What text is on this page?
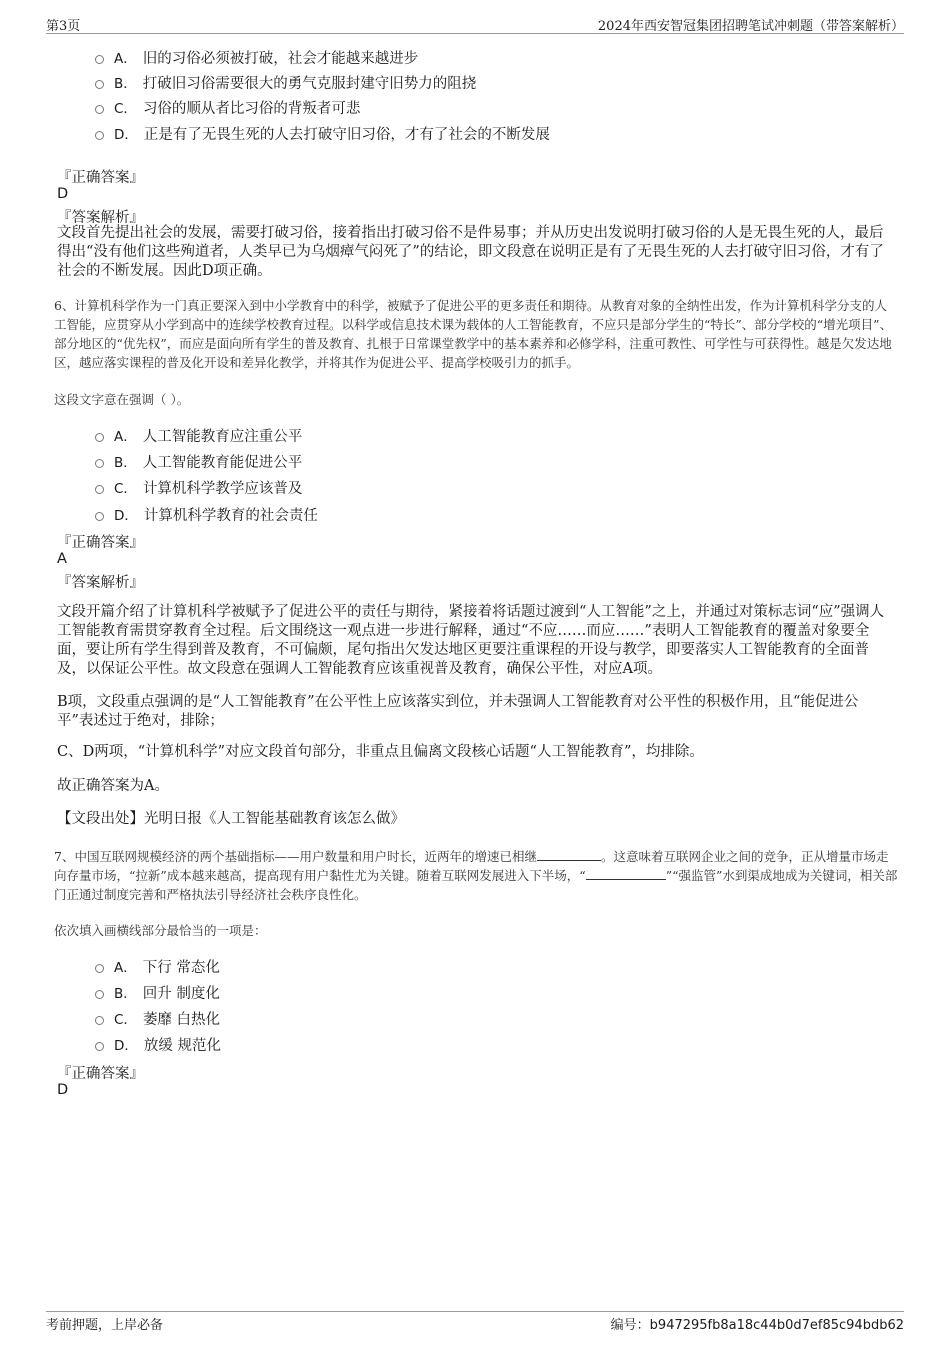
第3页	2024年西安智冠集团招聘笔试冲刺题（带答案解析）
A． 旧的习俗必须被打破，社会才能越来越进步
B． 打破旧习俗需要很大的勇气克服封建守旧势力的阻挠
C． 习俗的顺从者比习俗的背叛者可悲
D． 正是有了无畏生死的人去打破守旧习俗，才有了社会的不断发展
『正确答案』
D
『答案解析』
文段首先提出社会的发展，需要打破习俗，接着指出打破习俗不是件易事；并从历史出发说明打破习俗的人是无畏生死的人，最后得出“没有他们这些殉道者，人类早已为乌烟瘴气闷死了”的结论，即文段意在说明正是有了无畏生死的人去打破守旧习俗，才有了社会的不断发展。因此D项正确。
6、计算机科学作为一门真正要深入到中小学教育中的科学，被赋予了促进公平的更多责任和期待。从教育对象的全纳性出发，作为计算机科学分支的人工智能，应贯穿从小学到高中的连续学校教育过程。以科学或信息技术课为载体的人工智能教育，不应只是部分学生的“特长”、部分学校的“增光项目”、部分地区的“优先权”，而应是面向所有学生的普及教育、扎根于日常课堂教学中的基本素养和必修学科，注重可教性、可学性与可获得性。越是欠发达地区，越应落实课程的普及化开设和差异化教学，并将其作为促进公平、提高学校吸引力的抓手。
这段文字意在强调（ ）。
A． 人工智能教育应注重公平
B． 人工智能教育能促进公平
C． 计算机科学教学应该普及
D． 计算机科学教育的社会责任
『正确答案』
A
『答案解析』
文段开篇介绍了计算机科学被赋予了促进公平的责任与期待，紧接着将话题过渡到“人工智能”之上，并通过对策标志词“应”强调人工智能教育需贯穿教育全过程。后文围绕这一观点进一步进行解释，通过“不应……而应……”表明人工智能教育的覆盖对象要全面，要让所有学生得到普及教育，不可偏颇，尾句指出欠发达地区更要注重课程的开设与教学，即要落实人工智能教育的全面普及，以保证公平性。故文段意在强调人工智能教育应该重视普及教育，确保公平性，对应A项。
B项，文段重点强调的是“人工智能教育”在公平性上应该落实到位，并未强调人工智能教育对公平性的积极作用，且“能促进公平”表述过于绝对，排除；
C、D两项，“计算机科学”对应文段首句部分，非重点且偏离文段核心话题“人工智能教育”，均排除。
故正确答案为A。
【文段出处】光明日报《人工智能基础教育该怎么做》
7、中国互联网规模经济的两个基础指标——用户数量和用户时长，近两年的增速已相继	。这意味着互联网企业之间的竞争，正从增量市场走向存量市场，“拉新”成本越来越高，提高现有用户黏性尤为关键。随着互联网发展进入下半场，“	”“强监管”水到渠成地成为关键词，相关部门正通过制度完善和严格执法引导经济社会秩序良性化。
依次填入画横线部分最恰当的一项是：
A． 下行 常态化
B． 回升 制度化
C． 萎靡 白热化
D． 放缓 规范化
『正确答案』
D
考前押题，上岸必备	编号：b947295fb8a18c44b0d7ef85c94bdb62
